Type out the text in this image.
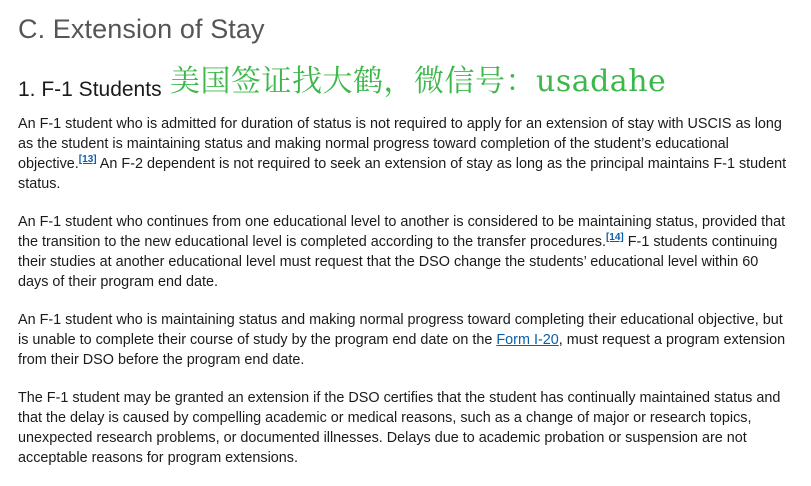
C. Extension of Stay
1. F-1 Students 美国签证找大鹤，微信号：usadahe

An F-1 student who is admitted for duration of status is not required to apply for an extension of stay with USCIS as long as the student is maintaining status and making normal progress toward completion of the student’s educational objective.[13] An F-2 dependent is not required to seek an extension of stay as long as the principal maintains F-1 student status.

An F-1 student who continues from one educational level to another is considered to be maintaining status, provided that the transition to the new educational level is completed according to the transfer procedures.[14] F-1 students continuing their studies at another educational level must request that the DSO change the students’ educational level within 60 days of their program end date.

An F-1 student who is maintaining status and making normal progress toward completing their educational objective, but is unable to complete their course of study by the program end date on the Form I-20, must request a program extension from their DSO before the program end date.

The F-1 student may be granted an extension if the DSO certifies that the student has continually maintained status and that the delay is caused by compelling academic or medical reasons, such as a change of major or research topics, unexpected research problems, or documented illnesses. Delays due to academic probation or suspension are not acceptable reasons for program extensions.
